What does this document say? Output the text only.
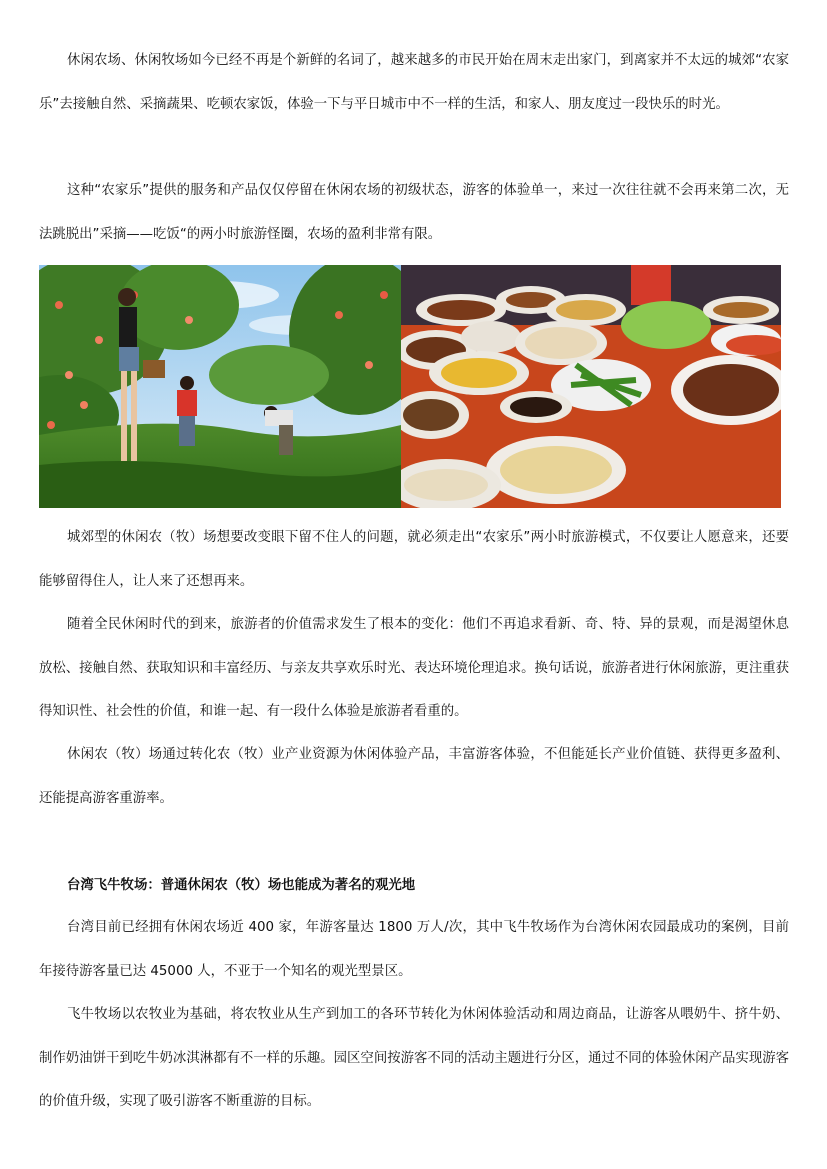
休闲农场、休闲牧场如今已经不再是个新鲜的名词了，越来越多的市民开始在周末走出家门，到离家并不太远的城郊“农家乐”去接触自然、采摘蔬果、吃顿农家饭，体验一下与平日城市中不一样的生活，和家人、朋友度过一段快乐的时光。

这种“农家乐”提供的服务和产品仅仅停留在休闲农场的初级状态，游客的体验单一，来过一次往往就不会再来第二次，无法跳脱出”采摘——吃饭“的两小时旅游怪圈，农场的盈利非常有限。

城郊型的休闲农（牧）场想要改变眼下留不住人的问题，就必须走出“农家乐”两小时旅游模式，不仅要让人愿意来，还要能够留得住人，让人来了还想再来。

随着全民休闲时代的到来，旅游者的价值需求发生了根本的变化：他们不再追求看新、奇、特、异的景观，而是渴望休息放松、接触自然、获取知识和丰富经历、与亲友共享欢乐时光、表达环境伦理追求。换句话说，旅游者进行休闲旅游，更注重获得知识性、社会性的价值，和谁一起、有一段什么体验是旅游者看重的。

休闲农（牧）场通过转化农（牧）业产业资源为休闲体验产品，丰富游客体验，不但能延长产业价值链、获得更多盈利、还能提高游客重游率。

台湾飞牛牧场：普通休闲农（牧）场也能成为著名的观光地

台湾目前已经拥有休闲农场近 400 家，年游客量达 1800 万人/次，其中飞牛牧场作为台湾休闲农园最成功的案例，目前年接待游客量已达 45000 人，不亚于一个知名的观光型景区。

飞牛牧场以农牧业为基础，将农牧业从生产到加工的各环节转化为休闲体验活动和周边商品，让游客从喂奶牛、挤牛奶、制作奶油饼干到吃牛奶冰淇淋都有不一样的乐趣。园区空间按游客不同的活动主题进行分区，通过不同的体验休闲产品实现游客的价值升级，实现了吸引游客不断重游的目标。
